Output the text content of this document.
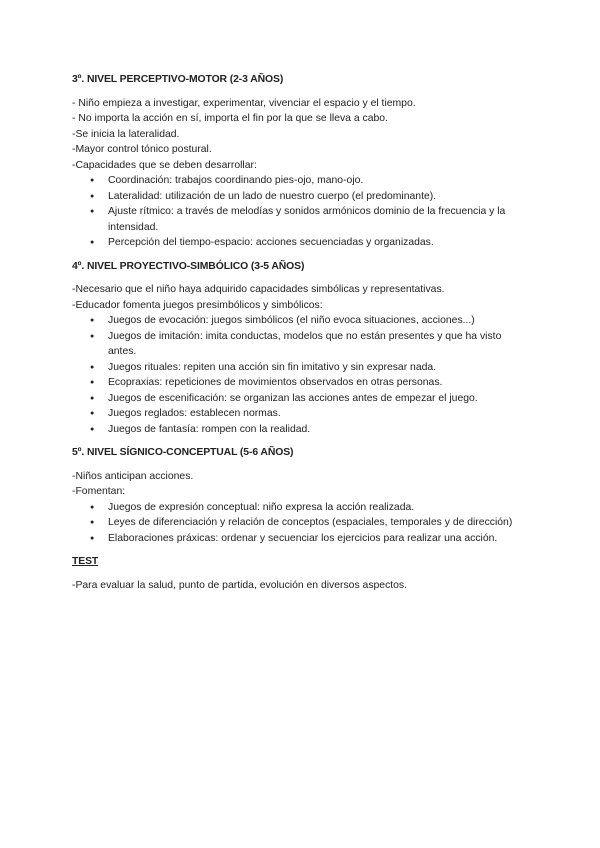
3º. NIVEL PERCEPTIVO-MOTOR (2-3 AÑOS)

- Niño empieza a investigar, experimentar, vivenciar el espacio y el tiempo.

- No importa la acción en sí, importa el fin por la que se lleva a cabo.

-Se inicia la lateralidad.

-Mayor control tónico postural.

-Capacidades que se deben desarrollar:

● Coordinación: trabajos coordinando pies-ojo, mano-ojo.
● Lateralidad: utilización de un lado de nuestro cuerpo (el predominante).
● Ajuste rítmico: a través de melodías y sonidos armónicos dominio de la frecuencia y la intensidad.
● Percepción del tiempo-espacio: acciones secuenciadas y organizadas.
4º. NIVEL PROYECTIVO-SIMBÓLICO (3-5 AÑOS)

-Necesario que el niño haya adquirido capacidades simbólicas y representativas.

-Educador fomenta juegos presimbólicos y simbólicos:

● Juegos de evocación: juegos simbólicos (el niño evoca situaciones, acciones...)
● Juegos de imitación: imita conductas, modelos que no están presentes y que ha visto antes.
● Juegos rituales: repiten una acción sin fin imitativo y sin expresar nada.
● Ecopraxias: repeticiones de movimientos observados en otras personas.
● Juegos de escenificación: se organizan las acciones antes de empezar el juego.
● Juegos reglados: establecen normas.
● Juegos de fantasía: rompen con la realidad.
5º. NIVEL SÍGNICO-CONCEPTUAL (5-6 AÑOS)

-Niños anticipan acciones.

-Fomentan:

● Juegos de expresión conceptual: niño expresa la acción realizada.
● Leyes de diferenciación y relación de conceptos (espaciales, temporales y de dirección)
● Elaboraciones práxicas: ordenar y secuenciar los ejercicios para realizar una acción.
TEST

-Para evaluar la salud, punto de partida, evolución en diversos aspectos.
